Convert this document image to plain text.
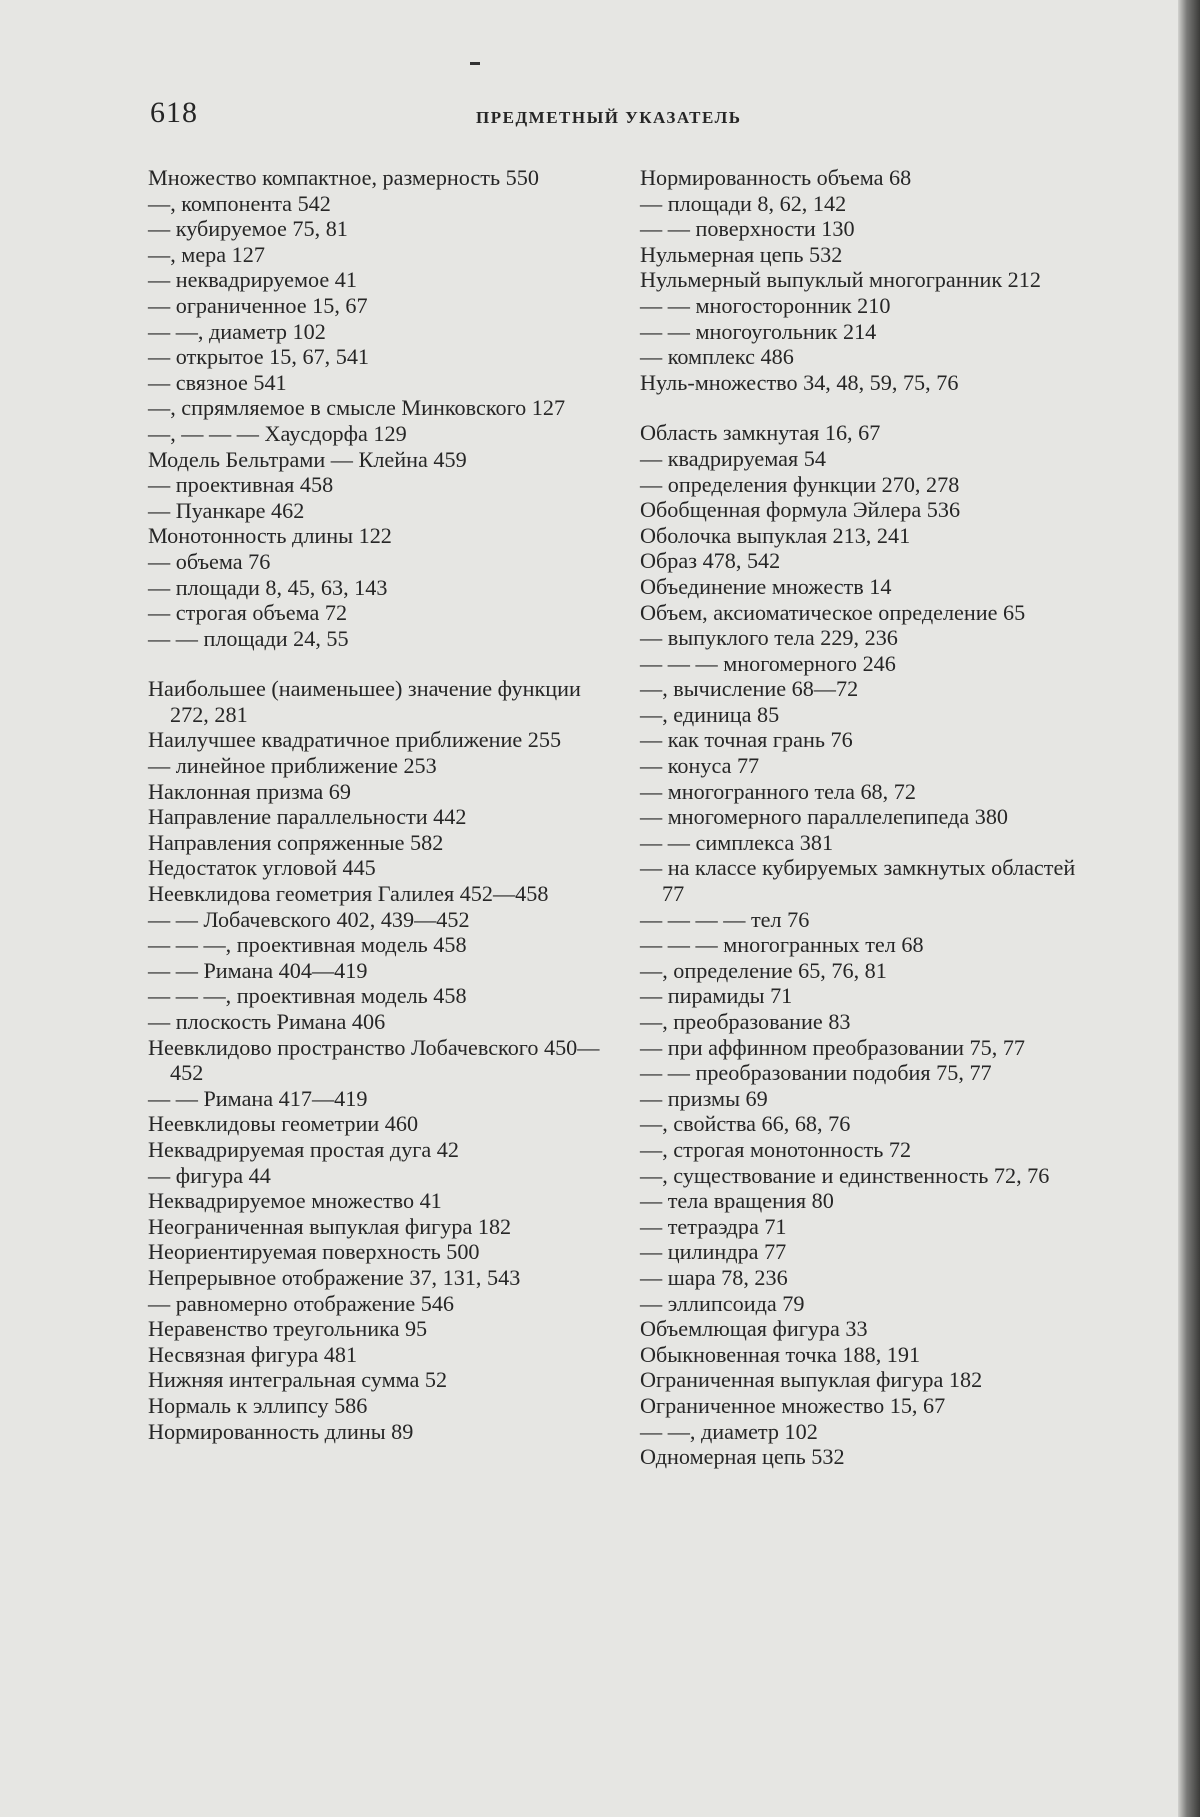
618	ПРЕДМЕТНЫЙ УКАЗАТЕЛЬ
Множество компактное, размерность 550
—, компонента 542
— кубируемое 75, 81
—, мера 127
— неквадрируемое 41
— ограниченное 15, 67
— —, диаметр 102
— открытое 15, 67, 541
— связное 541
—, спрямляемое в смысле Минковского 127
—, — — — Хаусдорфа 129
Модель Бельтрами — Клейна 459
— проективная 458
— Пуанкаре 462
Монотонность длины 122
— объема 76
— площади 8, 45, 63, 143
— строгая объема 72
— — площади 24, 55
Наибольшее (наименьшее) значение функции 272, 281
Наилучшее квадратичное приближение 255
— линейное приближение 253
Наклонная призма 69
Направление параллельности 442
Направления сопряженные 582
Недостаток угловой 445
Неевклидова геометрия Галилея 452—458
— — Лобачевского 402, 439—452
— — —, проективная модель 458
— — Римана 404—419
— — —, проективная модель 458
— плоскость Римана 406
Неевклидово пространство Лобачевского 450—452
— — Римана 417—419
Неевклидовы геометрии 460
Неквадрируемая простая дуга 42
— фигура 44
Неквадрируемое множество 41
Неограниченная выпуклая фигура 182
Неориентируемая поверхность 500
Непрерывное отображение 37, 131, 543
— равномерно отображение 546
Неравенство треугольника 95
Несвязная фигура 481
Нижняя интегральная сумма 52
Нормаль к эллипсу 586
Нормированность длины 89
Нормированность объема 68
— площади 8, 62, 142
— — поверхности 130
Нульмерная цепь 532
Нульмерный выпуклый многогранник 212
— — многосторонник 210
— — многоугольник 214
— комплекс 486
Нуль-множество 34, 48, 59, 75, 76
Область замкнутая 16, 67
— квадрируемая 54
— определения функции 270, 278
Обобщенная формула Эйлера 536
Оболочка выпуклая 213, 241
Образ 478, 542
Объединение множеств 14
Объем, аксиоматическое определение 65
— выпуклого тела 229, 236
— — — многомерного 246
—, вычисление 68—72
—, единица 85
— как точная грань 76
— конуса 77
— многогранного тела 68, 72
— многомерного параллелепипеда 380
— — симплекса 381
— на классе кубируемых замкнутых областей 77
— — — — тел 76
— — — многогранных тел 68
—, определение 65, 76, 81
— пирамиды 71
—, преобразование 83
— при аффинном преобразовании 75, 77
— — преобразовании подобия 75, 77
— призмы 69
—, свойства 66, 68, 76
—, строгая монотонность 72
—, существование и единственность 72, 76
— тела вращения 80
— тетраэдра 71
— цилиндра 77
— шара 78, 236
— эллипсоида 79
Объемлющая фигура 33
Обыкновенная точка 188, 191
Ограниченная выпуклая фигура 182
Ограниченное множество 15, 67
— —, диаметр 102
Одномерная цепь 532
